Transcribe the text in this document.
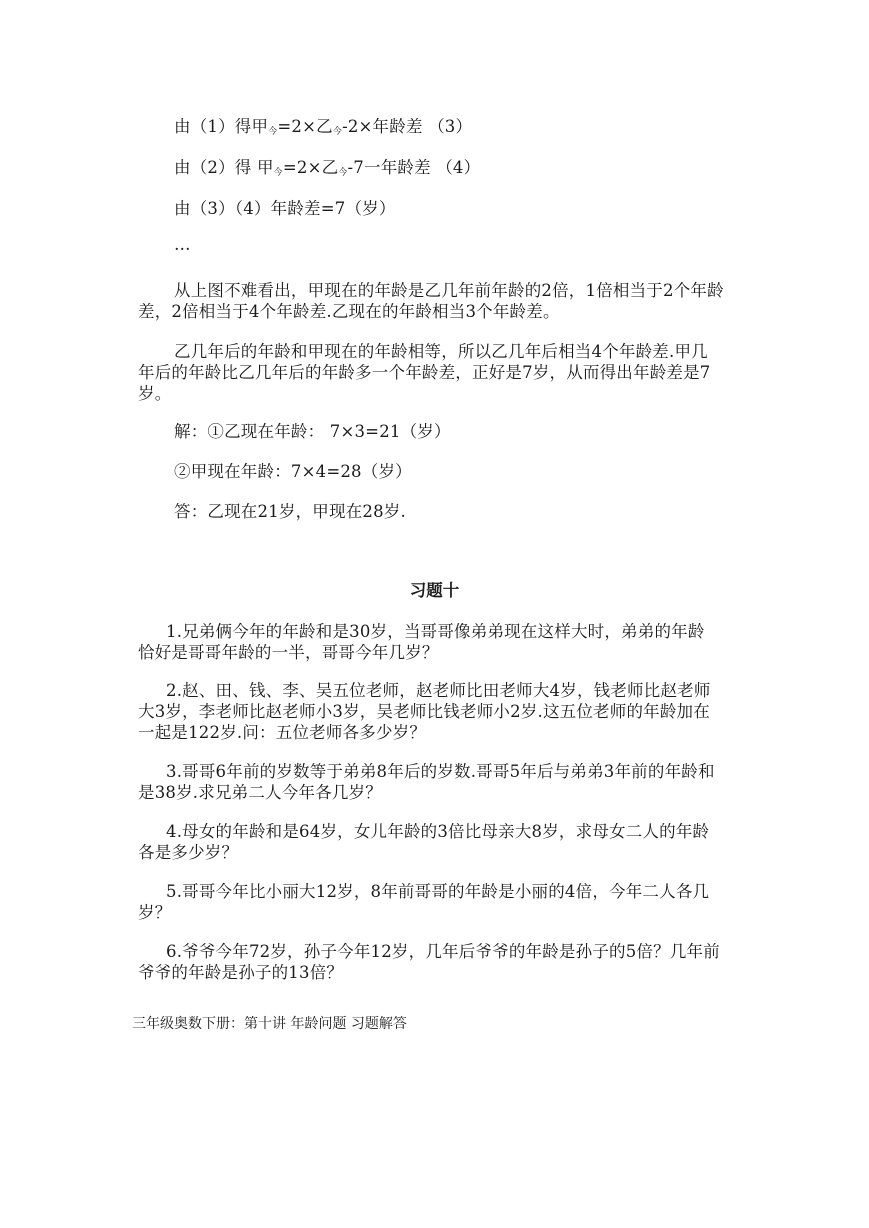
由（1）得甲今=2×乙今-2×年龄差 （3）
由（2）得 甲今=2×乙今-7一年龄差 （4）
由（3）（4）年龄差=7（岁）
…
从上图不难看出，甲现在的年龄是乙几年前年龄的2倍，1倍相当于2个年龄
差，2倍相当于4个年龄差.乙现在的年龄相当3个年龄差。
乙几年后的年龄和甲现在的年龄相等，所以乙几年后相当4个年龄差.甲几
年后的年龄比乙几年后的年龄多一个年龄差，正好是7岁，从而得出年龄差是7
岁。
解：①乙现在年龄： 7×3=21（岁）
②甲现在年龄：7×4=28（岁）
答：乙现在21岁，甲现在28岁.
习题十
1.兄弟俩今年的年龄和是30岁，当哥哥像弟弟现在这样大时，弟弟的年龄
恰好是哥哥年龄的一半，哥哥今年几岁？
2.赵、田、钱、李、吴五位老师，赵老师比田老师大4岁，钱老师比赵老师
大3岁，李老师比赵老师小3岁，吴老师比钱老师小2岁.这五位老师的年龄加在
一起是122岁.问：五位老师各多少岁？
3.哥哥6年前的岁数等于弟弟8年后的岁数.哥哥5年后与弟弟3年前的年龄和
是38岁.求兄弟二人今年各几岁？
4.母女的年龄和是64岁，女儿年龄的3倍比母亲大8岁，求母女二人的年龄
各是多少岁？
5.哥哥今年比小丽大12岁，8年前哥哥的年龄是小丽的4倍，今年二人各几
岁？
6.爷爷今年72岁，孙子今年12岁，几年后爷爷的年龄是孙子的5倍？几年前
爷爷的年龄是孙子的13倍？
三年级奥数下册：第十讲 年龄问题 习题解答
